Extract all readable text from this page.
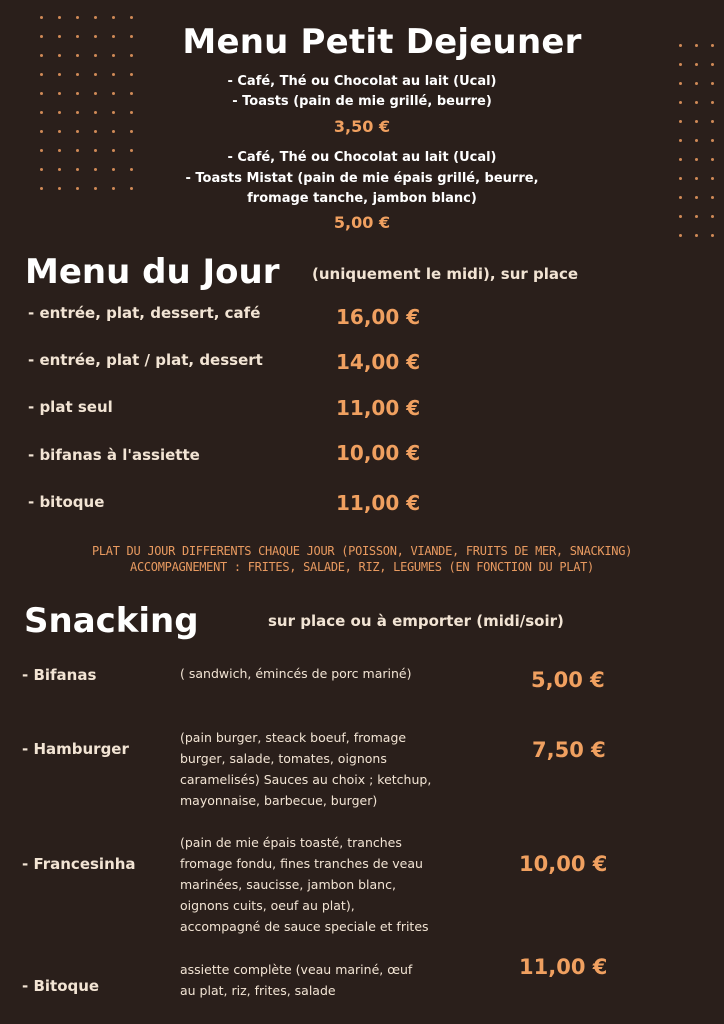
Menu Petit Dejeuner
- Café, Thé ou Chocolat au lait (Ucal)
- Toasts (pain de mie grillé, beurre)
3,50 €
- Café, Thé ou Chocolat au lait (Ucal)
- Toasts Mistat (pain de mie épais grillé, beurre,
fromage tanche, jambon blanc)
5,00 €
Menu du Jour (uniquement le midi), sur place
- entrée, plat, dessert, café	16,00 €
- entrée, plat / plat, dessert	14,00 €
- plat seul	11,00 €
- bifanas à l'assiette	10,00 €
- bitoque	11,00 €
PLAT DU JOUR DIFFERENTS CHAQUE JOUR (POISSON, VIANDE, FRUITS DE MER, SNACKING)
ACCOMPAGNEMENT : FRITES, SALADE, RIZ, LEGUMES (EN FONCTION DU PLAT)
Snacking	sur place ou à emporter (midi/soir)
- Bifanas	( sandwich, émincés de porc mariné)	5,00 €
- Hamburger
(pain burger, steack boeuf, fromage
burger, salade, tomates, oignons
caramelisés) Sauces au choix ; ketchup,
mayonnaise, barbecue, burger)
7,50 €
- Francesinha
(pain de mie épais toasté, tranches
fromage fondu, fines tranches de veau
marinées, saucisse, jambon blanc,
oignons cuits, oeuf au plat),
accompagné de sauce speciale et frites
10,00 €
- Bitoque
assiette complète (veau mariné, œuf
au plat, riz, frites, salade
11,00 €
